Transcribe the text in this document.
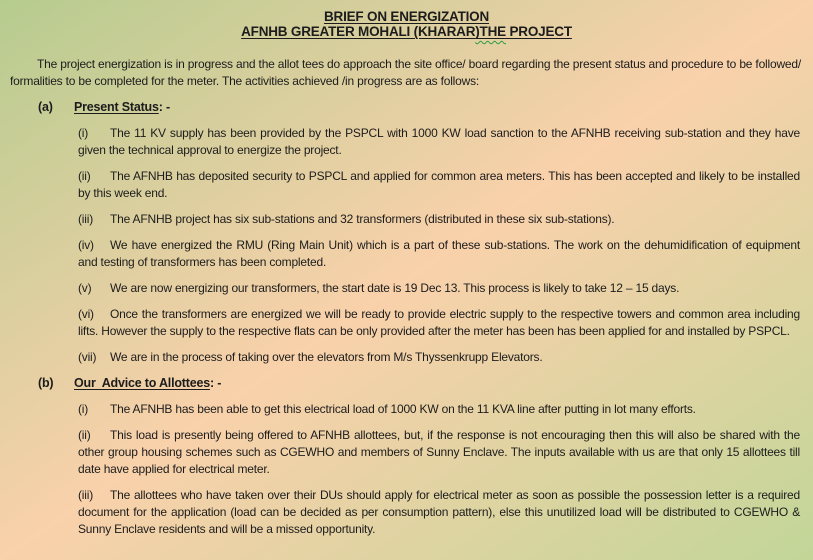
BRIEF ON ENERGIZATION
AFNHB GREATER MOHALI (KHARAR)THE PROJECT

The project energization is in progress and the allot tees do approach the site office/ board regarding the present status and procedure to be followed/ formalities to be completed for the meter. The activities achieved /in progress are as follows:

(a) Present Status: -
(i) The 11 KV supply has been provided by the PSPCL with 1000 KW load sanction to the AFNHB receiving sub-station and they have given the technical approval to energize the project.
(ii) The AFNHB has deposited security to PSPCL and applied for common area meters. This has been accepted and likely to be installed by this week end.
(iii) The AFNHB project has six sub-stations and 32 transformers (distributed in these six sub-stations).
(iv) We have energized the RMU (Ring Main Unit) which is a part of these sub-stations. The work on the dehumidification of equipment and testing of transformers has been completed.
(v) We are now energizing our transformers, the start date is 19 Dec 13. This process is likely to take 12 – 15 days.
(vi) Once the transformers are energized we will be ready to provide electric supply to the respective towers and common area including lifts. However the supply to the respective flats can be only provided after the meter has been has been applied for and installed by PSPCL.
(vii) We are in the process of taking over the elevators from M/s Thyssenkrupp Elevators.
(b) Our  Advice to Allottees: -
(i) The AFNHB has been able to get this electrical load of 1000 KW on the 11 KVA line after putting in lot many efforts.
(ii) This load is presently being offered to AFNHB allottees, but, if the response is not encouraging then this will also be shared with the other group housing schemes such as CGEWHO and members of Sunny Enclave. The inputs available with us are that only 15 allottees till date have applied for electrical meter.
(iii) The allottees who have taken over their DUs should apply for electrical meter as soon as possible the possession letter is a required document for the application (load can be decided as per consumption pattern), else this unutilized load will be distributed to CGEWHO & Sunny Enclave residents and will be a missed opportunity.
